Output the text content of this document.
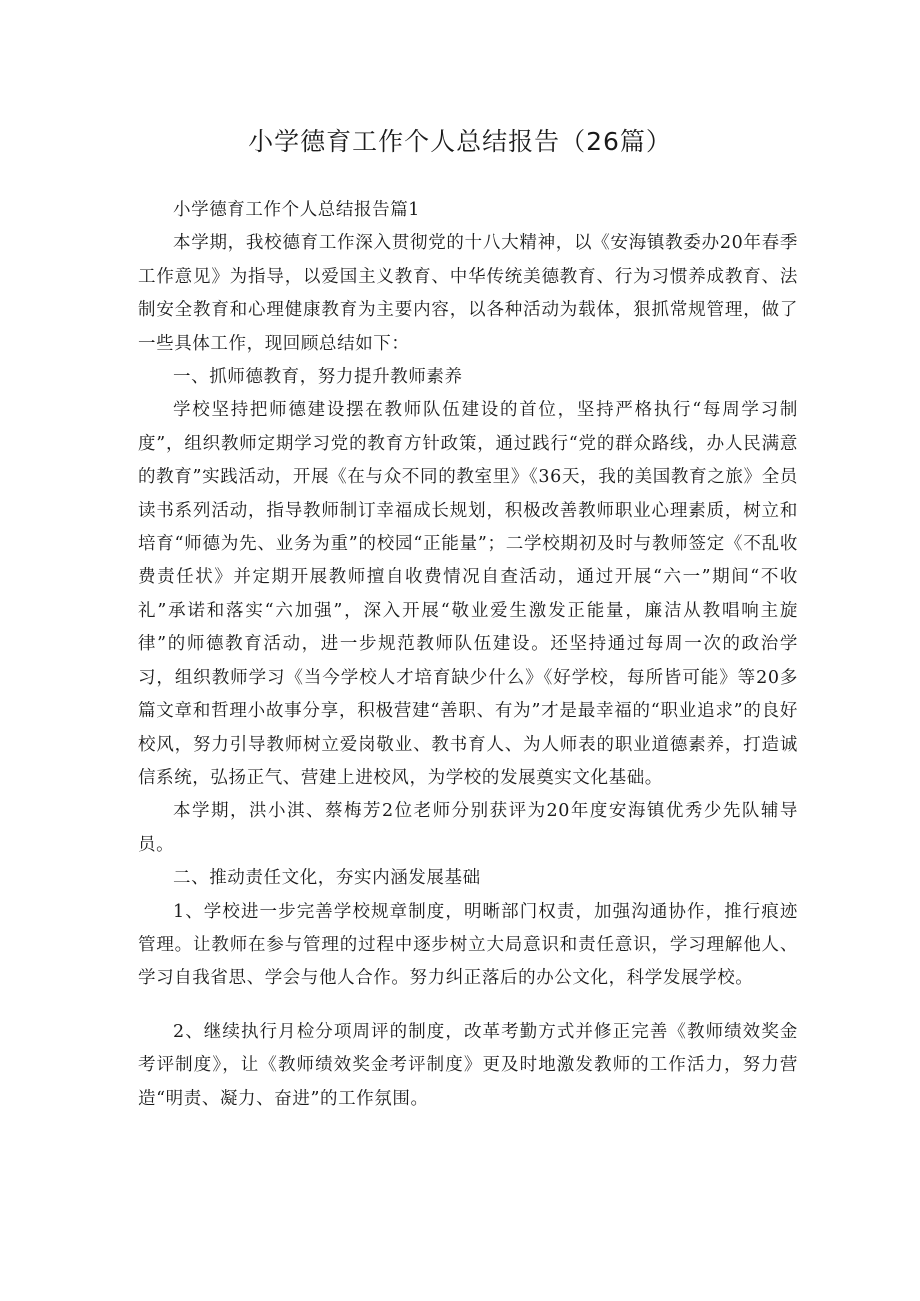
小学德育工作个人总结报告（26篇）

小学德育工作个人总结报告篇1

本学期，我校德育工作深入贯彻党的十八大精神，以《安海镇教委办20年春季工作意见》为指导，以爱国主义教育、中华传统美德教育、行为习惯养成教育、法制安全教育和心理健康教育为主要内容，以各种活动为载体，狠抓常规管理，做了一些具体工作，现回顾总结如下：

一、抓师德教育，努力提升教师素养

学校坚持把师德建设摆在教师队伍建设的首位，坚持严格执行“每周学习制度”，组织教师定期学习党的教育方针政策，通过践行“党的群众路线，办人民满意的教育”实践活动，开展《在与众不同的教室里》《36天，我的美国教育之旅》全员读书系列活动，指导教师制订幸福成长规划，积极改善教师职业心理素质，树立和培育“师德为先、业务为重”的校园“正能量”；二学校期初及时与教师签定《不乱收费责任状》并定期开展教师擅自收费情况自查活动，通过开展“六一”期间“不收礼”承诺和落实“六加强”，深入开展“敬业爱生激发正能量，廉洁从教唱响主旋律”的师德教育活动，进一步规范教师队伍建设。还坚持通过每周一次的政治学习，组织教师学习《当今学校人才培育缺少什么》《好学校，每所皆可能》等20多篇文章和哲理小故事分享，积极营建“善职、有为”才是最幸福的“职业追求”的良好校风，努力引导教师树立爱岗敬业、教书育人、为人师表的职业道德素养，打造诚信系统，弘扬正气、营建上进校风，为学校的发展奠实文化基础。

本学期，洪小淇、蔡梅芳2位老师分别获评为20年度安海镇优秀少先队辅导员。

二、推动责任文化，夯实内涵发展基础

1、学校进一步完善学校规章制度，明晰部门权责，加强沟通协作，推行痕迹管理。让教师在参与管理的过程中逐步树立大局意识和责任意识，学习理解他人、学习自我省思、学会与他人合作。努力纠正落后的办公文化，科学发展学校。

2、继续执行月检分项周评的制度，改革考勤方式并修正完善《教师绩效奖金考评制度》，让《教师绩效奖金考评制度》更及时地激发教师的工作活力，努力营造“明责、凝力、奋进”的工作氛围。
